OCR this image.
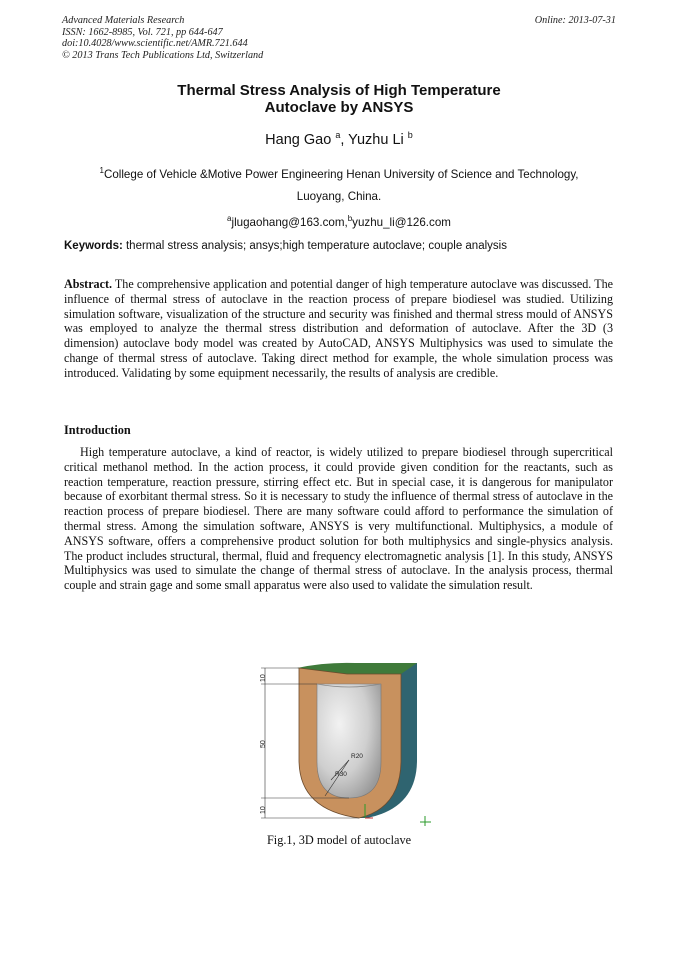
Advanced Materials Research
ISSN: 1662-8985, Vol. 721, pp 644-647
doi:10.4028/www.scientific.net/AMR.721.644
© 2013 Trans Tech Publications Ltd, Switzerland
Online: 2013-07-31
Thermal Stress Analysis of High Temperature
Autoclave by ANSYS
Hang Gao $^a$, Yuzhu Li $^b$
$^1$College of Vehicle &Motive Power Engineering Henan University of Science and Technology,
Luoyang, China.
$^a$jlugaohang@163.com,$^b$yuzhu_li@126.com
Keywords: thermal stress analysis; ansys;high temperature autoclave; couple analysis
Abstract. The comprehensive application and potential danger of high temperature autoclave was discussed. The influence of thermal stress of autoclave in the reaction process of prepare biodiesel was studied. Utilizing simulation software, visualization of the structure and security was finished and thermal stress mould of ANSYS was employed to analyze the thermal stress distribution and deformation of autoclave. After the 3D (3 dimension) autoclave body model was created by AutoCAD, ANSYS Multiphysics was used to simulate the change of thermal stress of autoclave. Taking direct method for example, the whole simulation process was introduced. Validating by some equipment necessarily, the results of analysis are credible.
Introduction
High temperature autoclave, a kind of reactor, is widely utilized to prepare biodiesel through supercritical critical methanol method. In the action process, it could provide given condition for the reactants, such as reaction temperature, reaction pressure, stirring effect etc. But in special case, it is dangerous for manipulator because of exorbitant thermal stress. So it is necessary to study the influence of thermal stress of autoclave in the reaction process of prepare biodiesel. There are many software could afford to performance the simulation of thermal stress. Among the simulation software, ANSYS is very multifunctional. Multiphysics, a module of ANSYS software, offers a comprehensive product solution for both multiphysics and single-physics analysis. The product includes structural, thermal, fluid and frequency electromagnetic analysis [1]. In this study, ANSYS Multiphysics was used to simulate the change of thermal stress of autoclave. In the analysis process, thermal couple and strain gage and some small apparatus were also used to validate the simulation result.
10
50
10
R20
R30
Fig.1, 3D model of autoclave
